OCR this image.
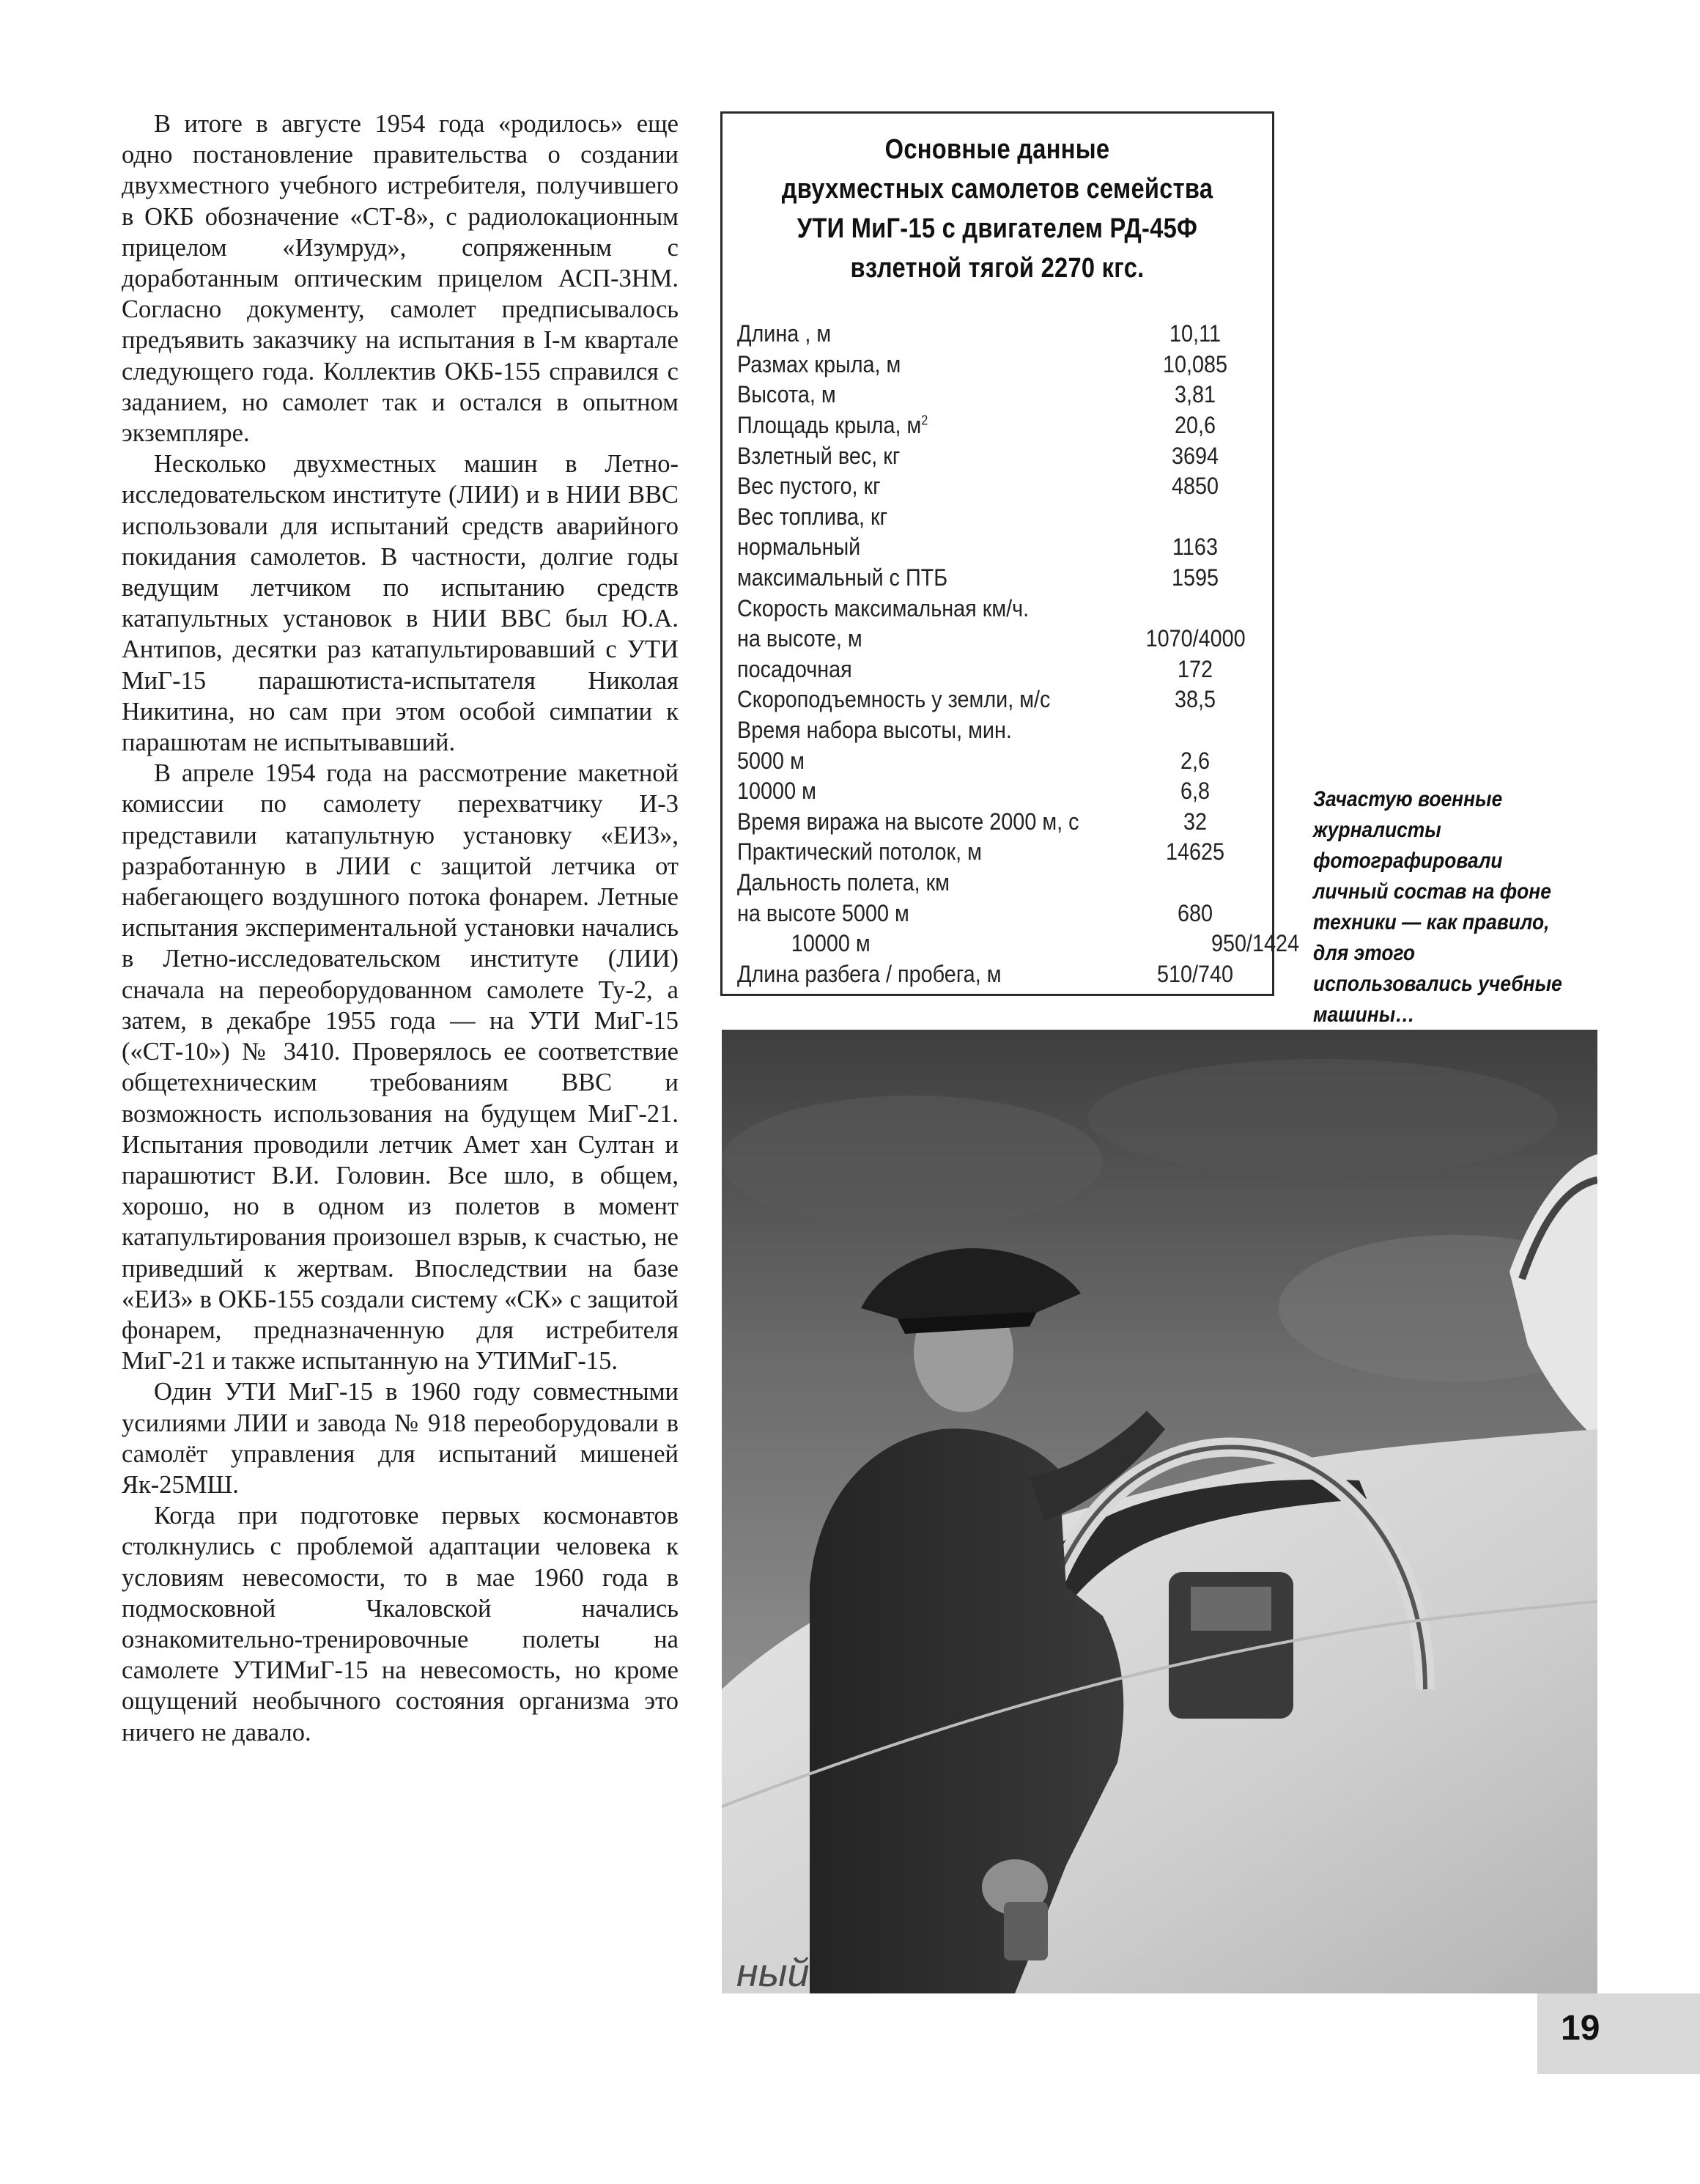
В итоге в августе 1954 года «родилось» еще одно постановление правительства о создании двухместного учебного истребителя, получившего в ОКБ обозначение «СТ-8», с радиолокационным прицелом «Изумруд», сопряженным с доработанным оптическим прицелом АСП-3НМ. Согласно документу, самолет предписывалось предъявить заказчику на испытания в I-м квартале следующего года. Коллектив ОКБ-155 справился с заданием, но самолет так и остался в опытном экземпляре.

Несколько двухместных машин в Летно-исследовательском институте (ЛИИ) и в НИИ ВВС использовали для испытаний средств аварийного покидания самолетов. В частности, долгие годы ведущим летчиком по испытанию средств катапультных установок в НИИ ВВС был Ю.А. Антипов, десятки раз катапультировавший с УТИ МиГ-15 парашютиста-испытателя Николая Никитина, но сам при этом особой симпатии к парашютам не испытывавший.

В апреле 1954 года на рассмотрение макетной комиссии по самолету перехватчику И-3 представили катапультную установку «ЕИ3», разработанную в ЛИИ с защитой летчика от набегающего воздушного потока фонарем. Летные испытания экспериментальной установки начались в Летно-исследовательском институте (ЛИИ) сначала на переоборудованном самолете Ту-2, а затем, в декабре 1955 года — на УТИ МиГ-15 («СТ-10») № 3410. Проверялось ее соответствие общетехническим требованиям ВВС и возможность использования на будущем МиГ-21. Испытания проводили летчик Амет хан Султан и парашютист В.И. Головин. Все шло, в общем, хорошо, но в одном из полетов в момент катапультирования произошел взрыв, к счастью, не приведший к жертвам. Впоследствии на базе «ЕИ3» в ОКБ-155 создали систему «СК» с защитой фонарем, предназначенную для истребителя МиГ-21 и также испытанную на УТИМиГ-15.

Один УТИ МиГ-15 в 1960 году совместными усилиями ЛИИ и завода № 918 переоборудовали в самолёт управления для испытаний мишеней Як-25МШ.

Когда при подготовке первых космонавтов столкнулись с проблемой адаптации человека к условиям невесомости, то в мае 1960 года в подмосковной Чкаловской начались ознакомительно-тренировочные полеты на самолете УТИМиГ-15 на невесомость, но кроме ощущений необычного состояния организма это ничего не давало.

Основные данные
двухместных самолетов семейства
УТИ МиГ-15 с двигателем РД-45Ф
взлетной тягой 2270 кгс.
Длина , м	10,11
Размах крыла, м	10,085
Высота, м	3,81
Площадь крыла, $м^2$	20,6
Взлетный вес, кг	3694
Вес пустого, кг	4850
Вес топлива, кг
нормальный	1163
максимальный с ПТБ	1595
Скорость максимальная км/ч.
на высоте, м	1070/4000
посадочная	172
Скороподъемность у земли, м/с	38,5
Время набора высоты, мин.
5000 м	2,6
10000 м	6,8
Время виража на высоте 2000 м, с	32
Практический потолок, м	14625
Дальность полета, км
на высоте 5000 м	680
10000 м	950/1424
Длина разбега / пробега, м	510/740
Зачастую военные журналисты фотографировали личный состав на фоне техники — как правило, для этого использовались учебные машины…
ный
19
